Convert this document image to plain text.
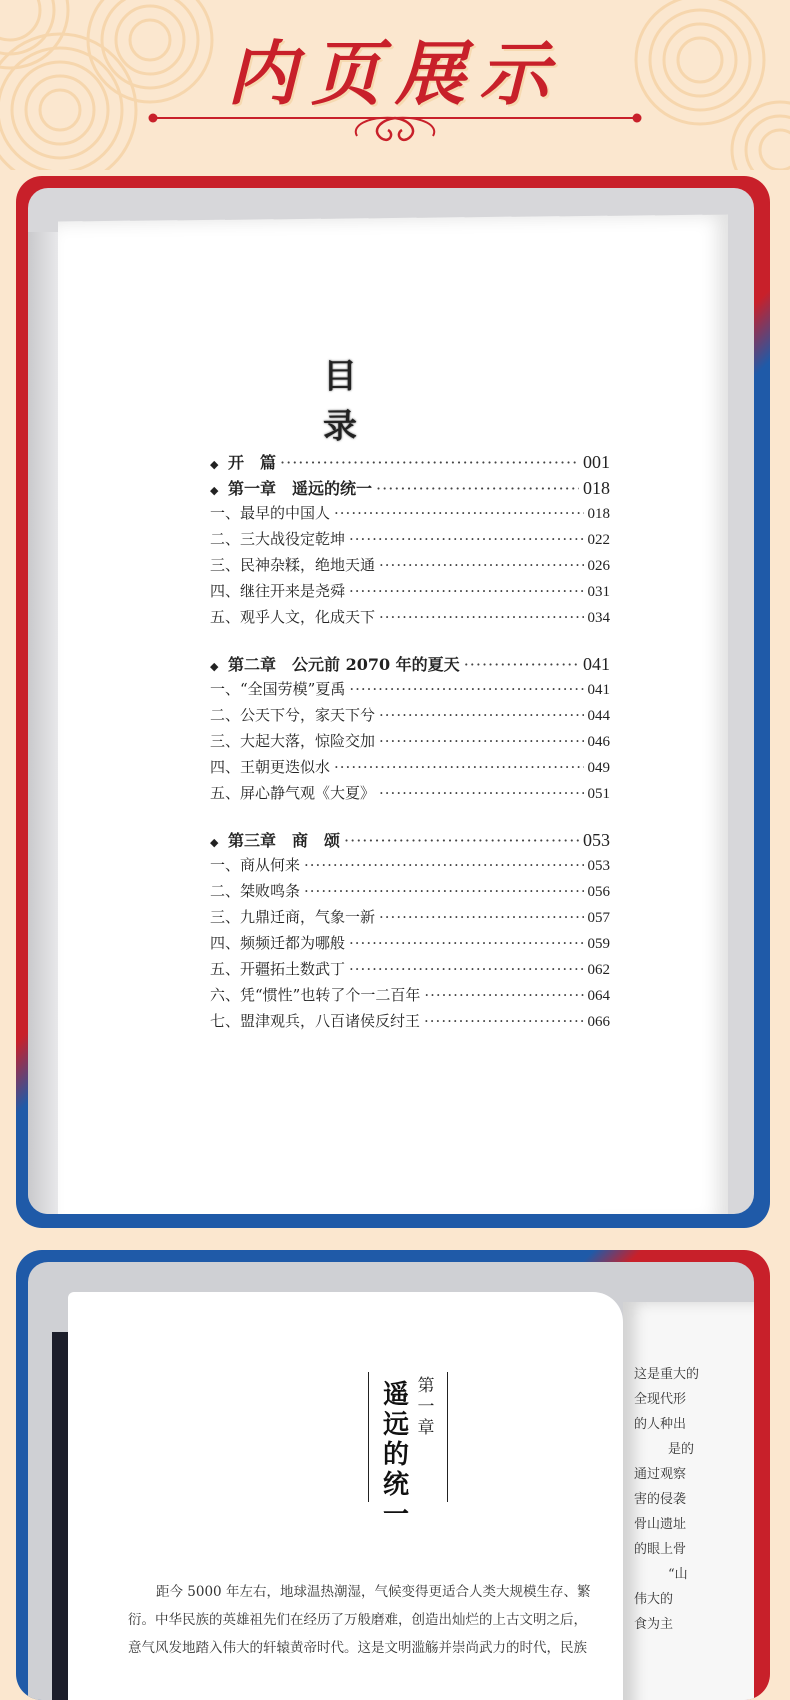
内页展示
目
录
◆ 开　篇 ·····	001
◆ 第一章　遥远的统一 ·····	018
一、最早的中国人 ·····	018
二、三大战役定乾坤 ·····	022
三、民神杂糅，绝地天通 ·····	026
四、继往开来是尧舜 ·····	031
五、观乎人文，化成天下 ·····	034
◆ 第二章　公元前 2070 年的夏天 ·····	041
一、“全国劳模”夏禹 ·····	041
二、公天下兮，家天下兮 ·····	044
三、大起大落，惊险交加 ·····	046
四、王朝更迭似水 ·····	049
五、屏心静气观《大夏》 ·····	051
◆ 第三章　商　颂 ·····	053
一、商从何来 ·····	053
二、桀败鸣条 ·····	056
三、九鼎迁商，气象一新 ·····	057
四、频频迁都为哪般 ·····	059
五、开疆拓土数武丁 ·····	062
六、凭“惯性”也转了个一二百年 ·····	064
七、盟津观兵，八百诸侯反纣王 ·····	066
遥
远
的
统
一
第
一
章
距今 5000 年左右，地球温热潮湿，气候变得更适合人类大规模生存、繁
衍。中华民族的英雄祖先们在经历了万般磨难，创造出灿烂的上古文明之后，
意气风发地踏入伟大的轩辕黄帝时代。这是文明滥觞并崇尚武力的时代，民族
这是重大的
全现代形
的人种出
是的
通过观察
害的侵袭
骨山遗址
的眼上骨
“山
伟大的
食为主
